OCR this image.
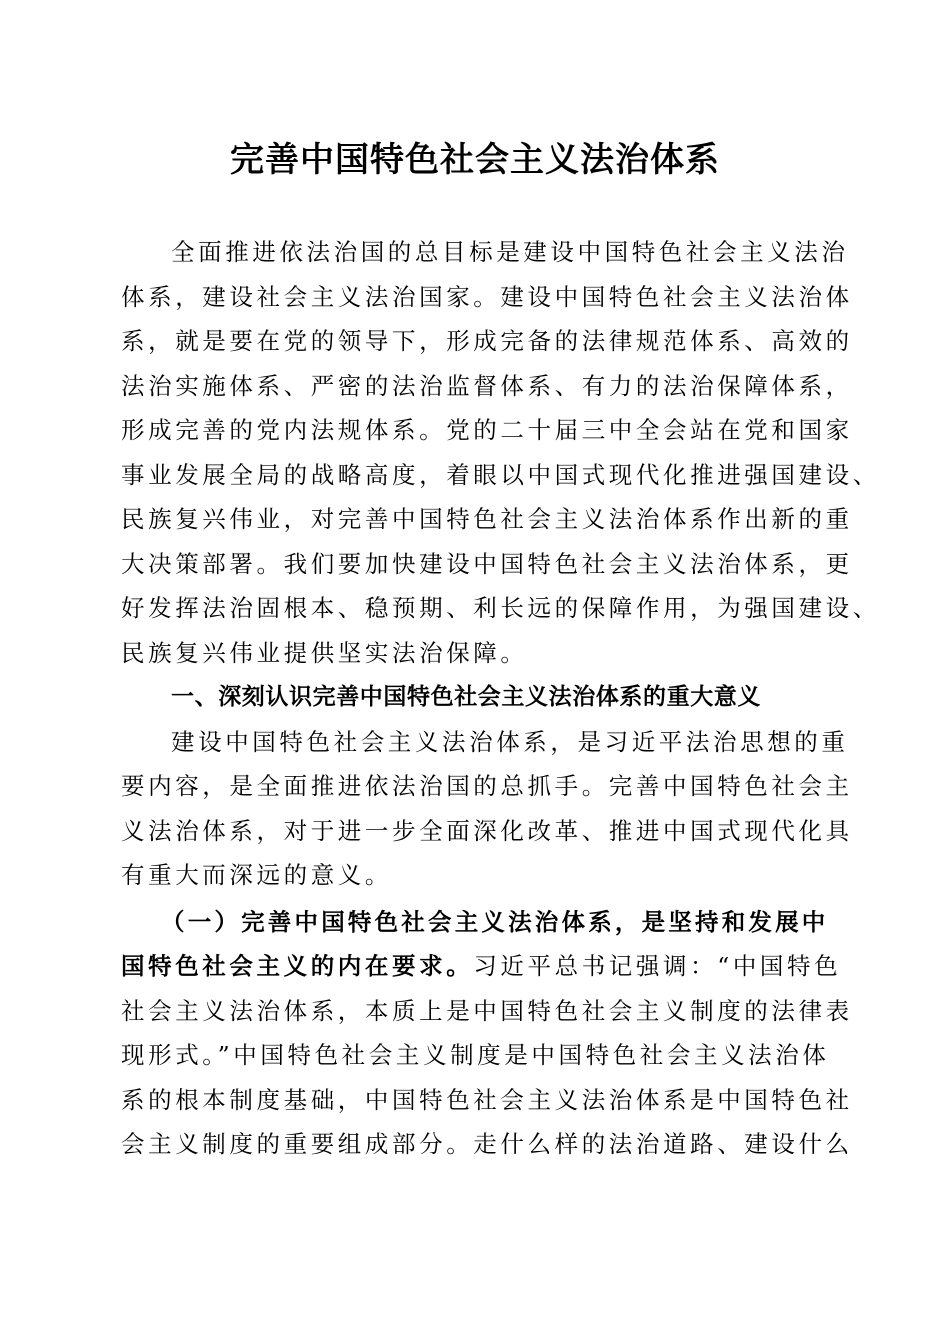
完善中国特色社会主义法治体系
全面推进依法治国的总目标是建设中国特色社会主义法治
体系，建设社会主义法治国家。建设中国特色社会主义法治体
系，就是要在党的领导下，形成完备的法律规范体系、高效的
法治实施体系、严密的法治监督体系、有力的法治保障体系，
形成完善的党内法规体系。党的二十届三中全会站在党和国家
事业发展全局的战略高度，着眼以中国式现代化推进强国建设、
民族复兴伟业，对完善中国特色社会主义法治体系作出新的重
大决策部署。我们要加快建设中国特色社会主义法治体系，更
好发挥法治固根本、稳预期、利长远的保障作用，为强国建设、
民族复兴伟业提供坚实法治保障。
一、深刻认识完善中国特色社会主义法治体系的重大意义
建设中国特色社会主义法治体系，是习近平法治思想的重
要内容，是全面推进依法治国的总抓手。完善中国特色社会主
义法治体系，对于进一步全面深化改革、推进中国式现代化具
有重大而深远的意义。
（一）完善中国特色社会主义法治体系，是坚持和发展中
国特色社会主义的内在要求。习近平总书记强调：“中国特色
社会主义法治体系，本质上是中国特色社会主义制度的法律表
现形式。”中国特色社会主义制度是中国特色社会主义法治体
系的根本制度基础，中国特色社会主义法治体系是中国特色社
会主义制度的重要组成部分。走什么样的法治道路、建设什么
